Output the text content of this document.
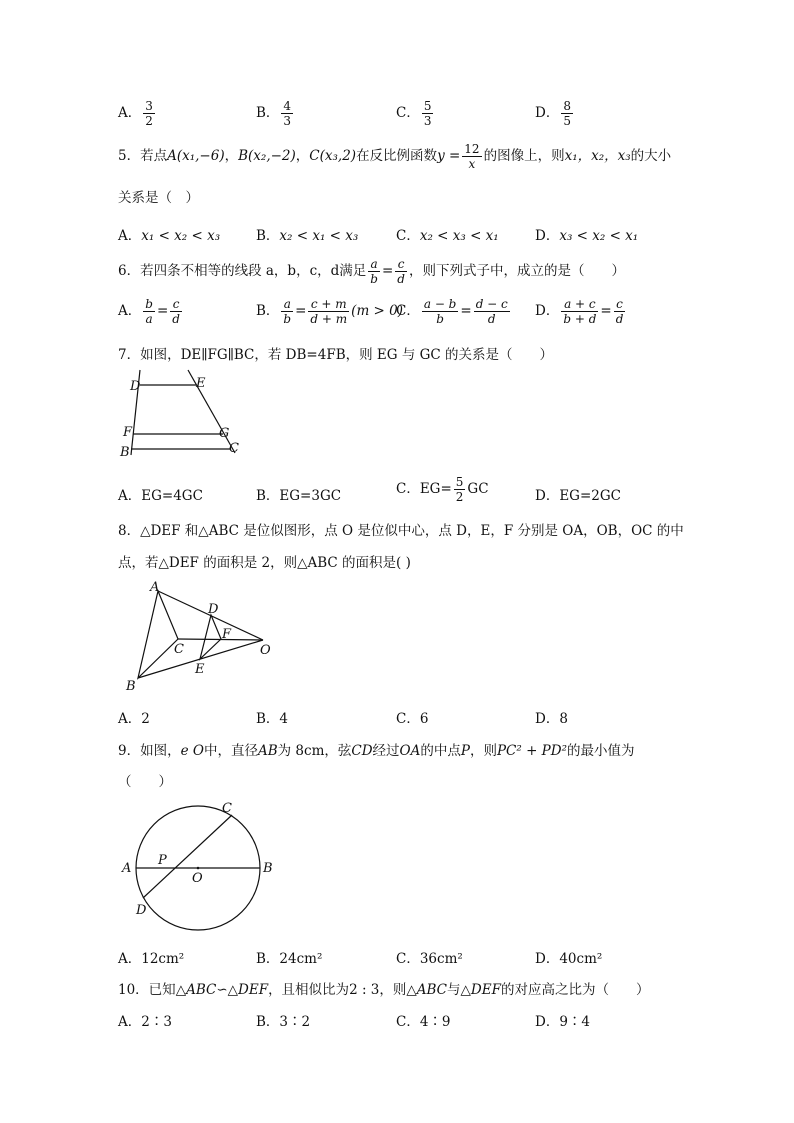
A． $\frac{3}{2}$	B． $\frac{4}{3}$	C． $\frac{5}{3}$	D． $\frac{8}{5}$
5．若点A(x₁,−6)，B(x₂,−2)，C(x₃,2)在反比例函数$y = \frac{12}{x}$ 的图像上，则x₁，x₂，x₃的大小
关系是（　）
A．x₁ < x₂ < x₃	B．x₂ < x₁ < x₃	C．x₂ < x₃ < x₁	D．x₃ < x₂ < x₁
6．若四条不相等的线段 a，b，c，d满足 $\frac{a}{b} = \frac{c}{d}$ ，则下列式子中，成立的是（　　）
A． $\frac{b}{a} = \frac{c}{d}$	B． $\frac{a}{b} = \frac{c + m}{d + m} (m > 0)$
C． $\frac{a - b}{b} = \frac{d - c}{d}$ D． $\frac{a + c}{b + d} = \frac{c}{d}$
7．如图，DE∥FG∥BC，若 DB=4FB，则 EG 与 GC 的关系是（　　）
D	E
F	G
B	C
A．EG=4GC	B．EG=3GC	C．$EG= \frac{5}{2}$ GC	D．EG=2GC
8．△DEF 和△ABC 是位似图形，点 O 是位似中心，点 D，E，F 分别是 OA，OB，OC 的中
点，若△DEF 的面积是 2，则△ABC 的面积是( )
A
B
C
D
E
F
O
A．2	B．4	C．6	D．8
9．如图，e O中，直径AB为 8cm，弦CD经过OA的中点P，则PC² + PD²的最小值为
（　　）
A	B
C
D
O
P
A．12cm²	B．24cm²	C．36cm²	D．40cm²
10．已知△ABC∽△DEF，且相似比为2 : 3，则△ABC与△DEF的对应高之比为（　　）
A．2∶3	B．3∶2	C．4∶9	D．9∶4
